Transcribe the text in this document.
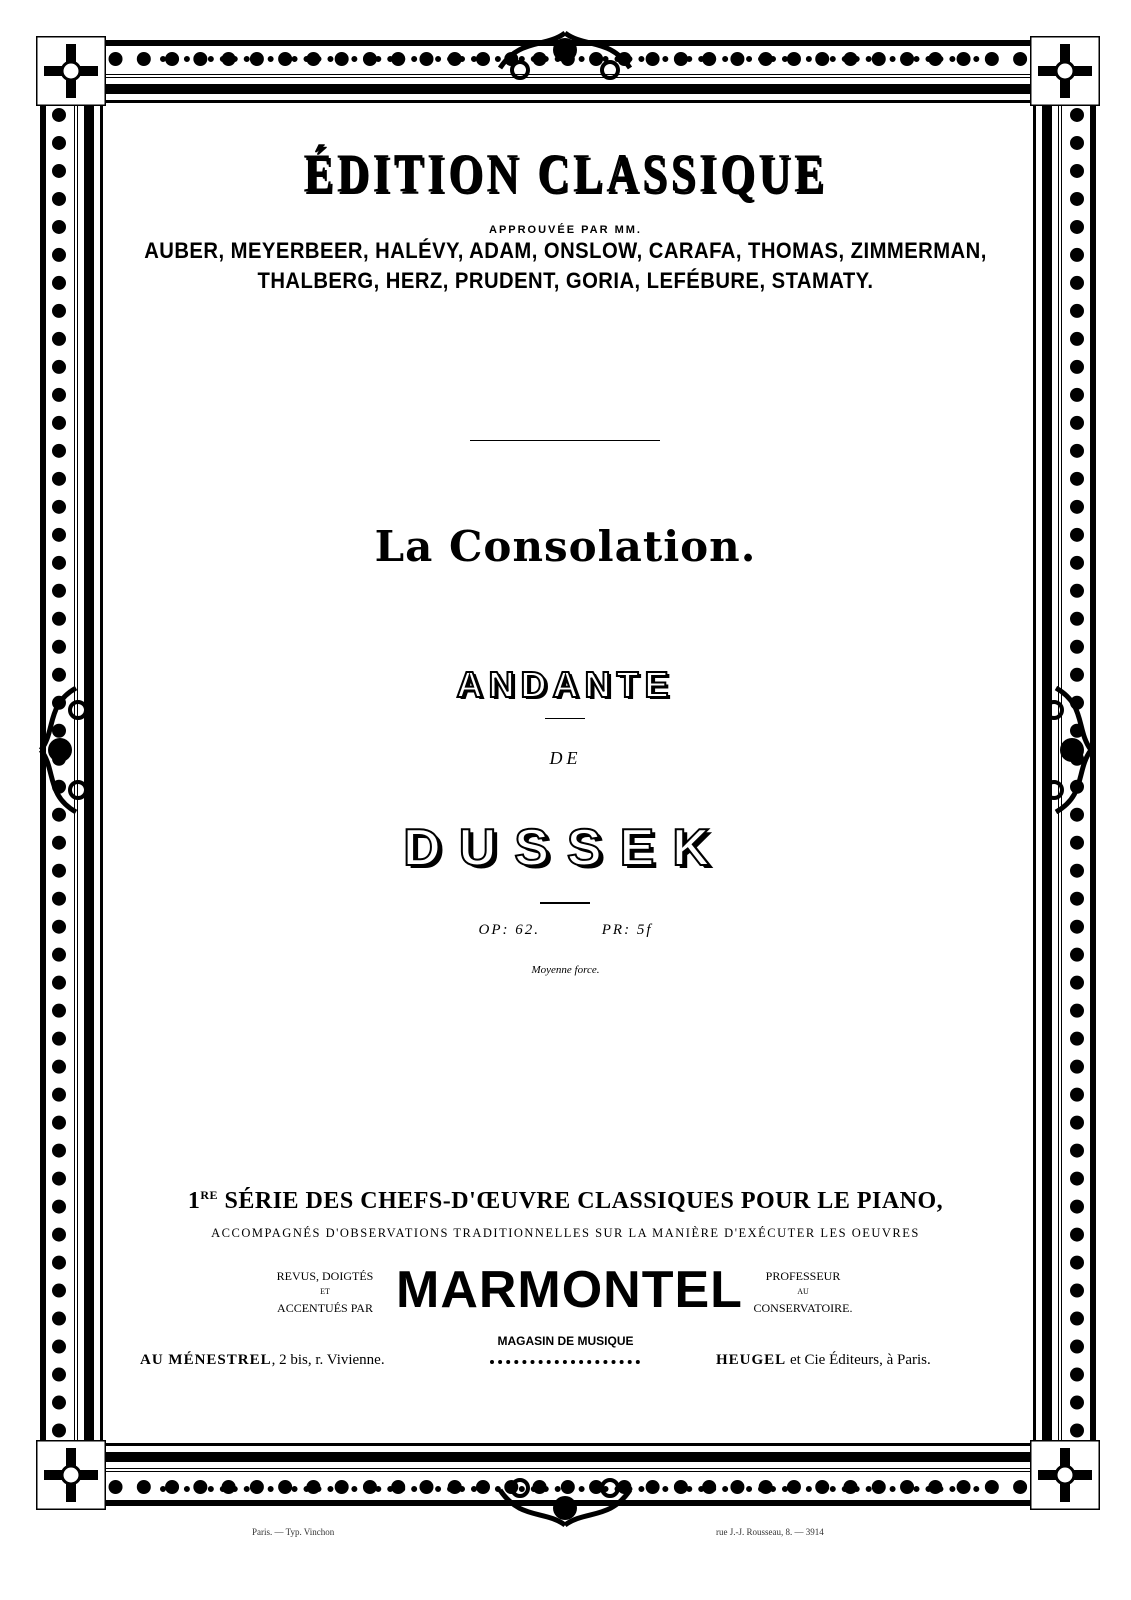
ÉDITION CLASSIQUE
APPROUVÉE PAR MM.
AUBER, MEYERBEER, HALÉVY, ADAM, ONSLOW, CARAFA, THOMAS, ZIMMERMAN,
THALBERG, HERZ, PRUDENT, GORIA, LEFÉBURE, STAMATY.
La Consolation.
ANDANTE
DE
DUSSEK
OP: 62.	PR: 5f
Moyenne force.
1RE SÉRIE DES CHEFS-D'ŒUVRE CLASSIQUES POUR LE PIANO,
ACCOMPAGNÉS D'OBSERVATIONS TRADITIONNELLES SUR LA MANIÈRE D'EXÉCUTER LES OEUVRES
REVUS, DOIGTÉS
ET
ACCENTUÉS PAR MARMONTEL	PROFESSEUR
AU
CONSERVATOIRE.
MAGASIN DE MUSIQUE
AU MÉNESTREL, 2 bis, r. Vivienne.	HEUGEL et Cie Éditeurs, à Paris.
Paris. — Typ. Vinchon	rue J.-J. Rousseau, 8. — 3914
